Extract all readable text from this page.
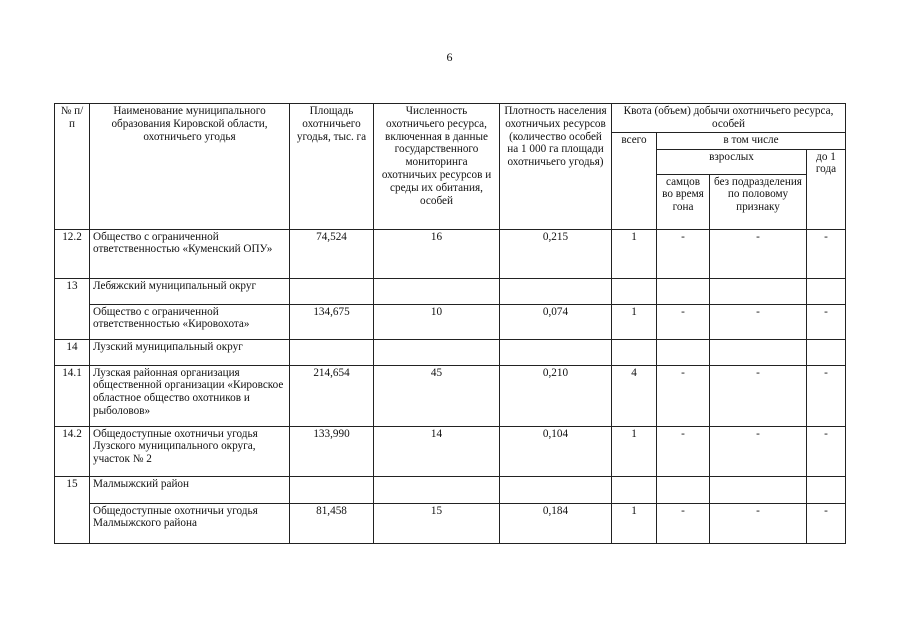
6
№ п/п	Наименование муниципального образования Кировской области, охотничьего угодья	Площадь охотничьего угодья, тыс. га	Численность охотничьего ресурса, включенная в данные государственного мониторинга охотничьих ресурсов и среды их обитания, особей	Плотность населения охотничьих ресурсов (количество особей на 1 000 га площади охотничьего угодья)	Квота (объем) добычи охотничьего ресурса, особей			
					всего	в том числе		
						взрослых		до 1 года
						самцов во время гона	без подразделения по половому признаку	
12.2	Общество с ограниченной ответственностью «Куменский ОПУ»	74,524	16	0,215	1	-	-	-
13	Лебяжский муниципальный округ							
	Общество с ограниченной ответственностью «Кировохота»	134,675	10	0,074	1	-	-	-
14	Лузский муниципальный округ							
14.1	Лузская районная организация общественной организации «Кировское областное общество охотников и рыболовов»	214,654	45	0,210	4	-	-	-
14.2	Общедоступные охотничьи угодья Лузского муниципального округа, участок № 2	133,990	14	0,104	1	-	-	-
15	Малмыжский район							
	Общедоступные охотничьи угодья Малмыжского района	81,458	15	0,184	1	-	-	-
